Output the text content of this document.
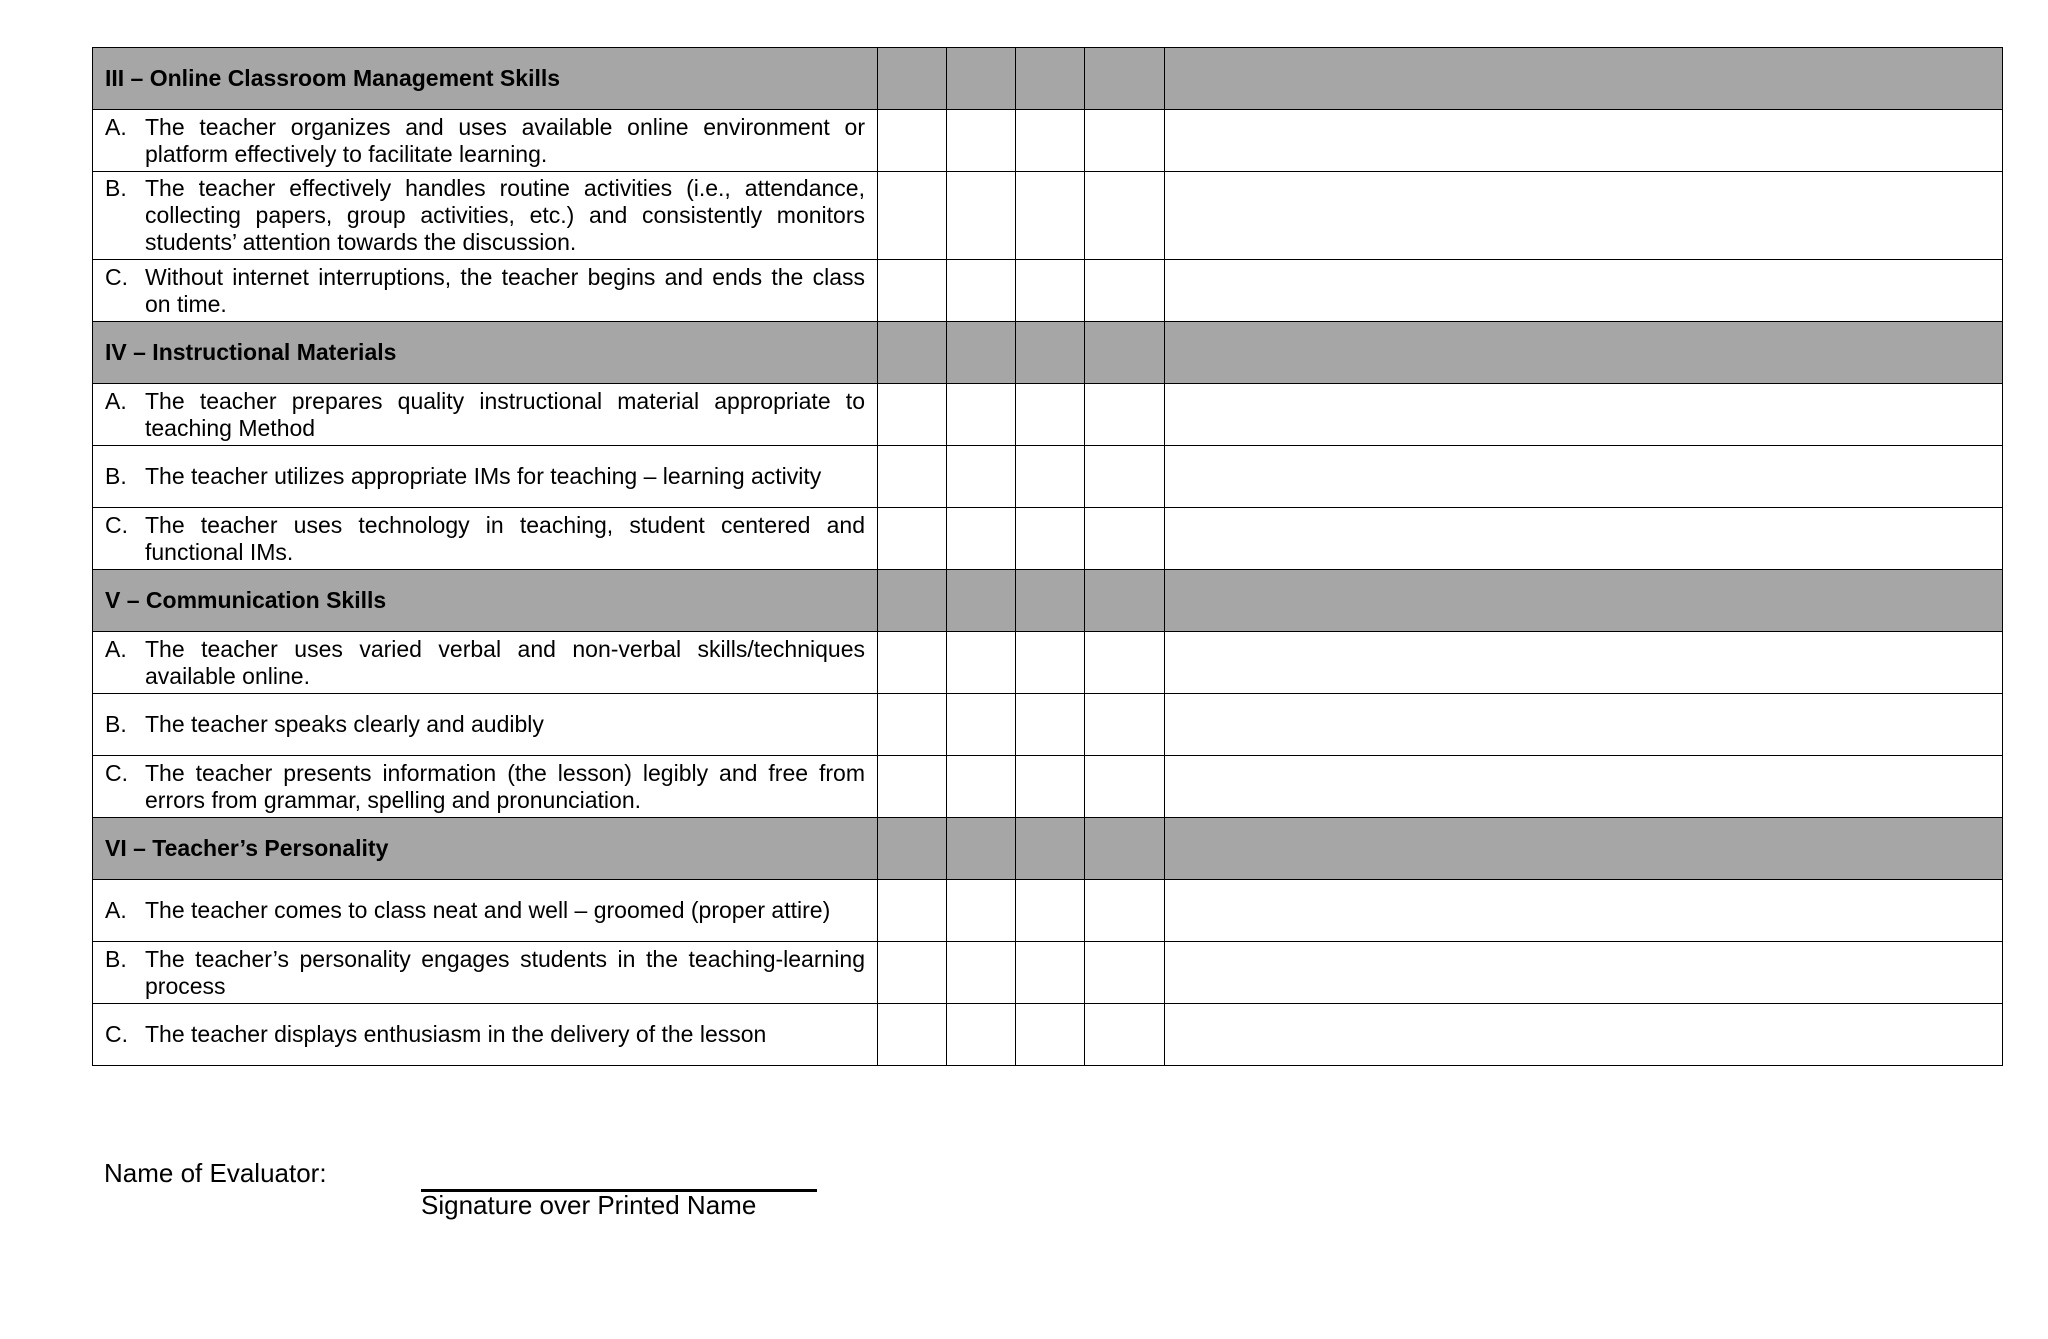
III – Online Classroom Management Skills					

A. The teacher organizes and uses available online environment or platform effectively to facilitate learning.					

B. The teacher effectively handles routine activities (i.e., attendance, collecting papers, group activities, etc.) and consistently monitors students’ attention towards the discussion.					

C. Without internet interruptions, the teacher begins and ends the class on time.					

IV – Instructional Materials					

A. The teacher prepares quality instructional material appropriate to teaching Method					

B. The teacher utilizes appropriate IMs for teaching – learning activity					

C. The teacher uses technology in teaching, student centered and functional IMs.					

V – Communication Skills					

A. The teacher uses varied verbal and non-verbal skills/techniques available online.					

B. The teacher speaks clearly and audibly					

C. The teacher presents information (the lesson) legibly and free from errors from grammar, spelling and pronunciation.					

VI – Teacher’s Personality					

A. The teacher comes to class neat and well – groomed (proper attire)					

B. The teacher’s personality engages students in the teaching-learning process					

C. The teacher displays enthusiasm in the delivery of the lesson					

Name of Evaluator:
Signature over Printed Name
